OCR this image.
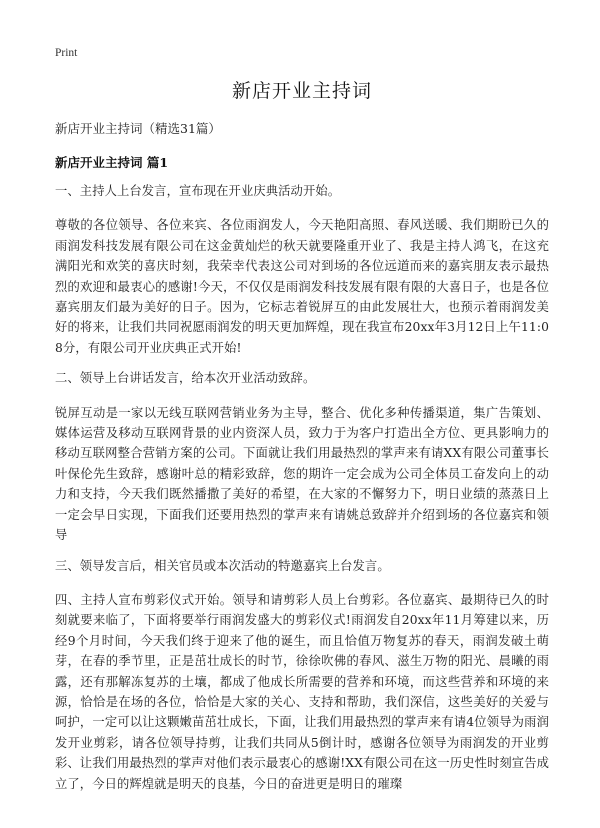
Print
新店开业主持词

新店开业主持词（精选31篇）

新店开业主持词 篇1

一、主持人上台发言，宣布现在开业庆典活动开始。

尊敬的各位领导、各位来宾、各位雨润发人，今天艳阳高照、春风送暖、我们期盼已久的雨润发科技发展有限公司在这金黄灿烂的秋天就要隆重开业了、我是主持人鸿飞，在这充满阳光和欢笑的喜庆时刻，我荣幸代表这公司对到场的各位远道而来的嘉宾朋友表示最热烈的欢迎和最衷心的感谢!今天，不仅仅是雨润发科技发展有限有限的大喜日子，也是各位嘉宾朋友们最为美好的日子。因为，它标志着锐屏互的由此发展壮大，也预示着雨润发美好的将来，让我们共同祝愿雨润发的明天更加辉煌，现在我宣布20xx年3月12日上午11:08分，有限公司开业庆典正式开始!

二、领导上台讲话发言，给本次开业活动致辞。

锐屏互动是一家以无线互联网营销业务为主导，整合、优化多种传播渠道，集广告策划、媒体运营及移动互联网背景的业内资深人员，致力于为客户打造出全方位、更具影响力的移动互联网整合营销方案的公司。下面就让我们用最热烈的掌声来有请XX有限公司董事长叶保伦先生致辞，感谢叶总的精彩致辞，您的期许一定会成为公司全体员工奋发向上的动力和支持，今天我们既然播撒了美好的希望，在大家的不懈努力下，明日业绩的蒸蒸日上一定会早日实现，下面我们还要用热烈的掌声来有请姚总致辞并介绍到场的各位嘉宾和领导

三、领导发言后，相关官员或本次活动的特邀嘉宾上台发言。

四、主持人宣布剪彩仪式开始。领导和请剪彩人员上台剪彩。各位嘉宾、最期待已久的时刻就要来临了，下面将要举行雨润发盛大的剪彩仪式!雨润发自20xx年11月筹建以来，历经9个月时间，今天我们终于迎来了他的诞生，而且恰值万物复苏的春天，雨润发破土萌芽，在春的季节里，正是茁壮成长的时节，徐徐吹佛的春风、滋生万物的阳光、晨曦的雨露，还有那解冻复苏的土壤，都成了他成长所需要的营养和环境，而这些营养和环境的来源，恰恰是在场的各位，恰恰是大家的关心、支持和帮助，我们深信，这些美好的关爱与呵护，一定可以让这颗嫩苗茁壮成长，下面，让我们用最热烈的掌声来有请4位领导为雨润发开业剪彩，请各位领导持剪，让我们共同从5倒计时，感谢各位领导为雨润发的开业剪彩、让我们用最热烈的掌声对他们表示最衷心的感谢!XX有限公司在这一历史性时刻宣告成立了，今日的辉煌就是明天的良基，今日的奋进更是明日的璀璨
